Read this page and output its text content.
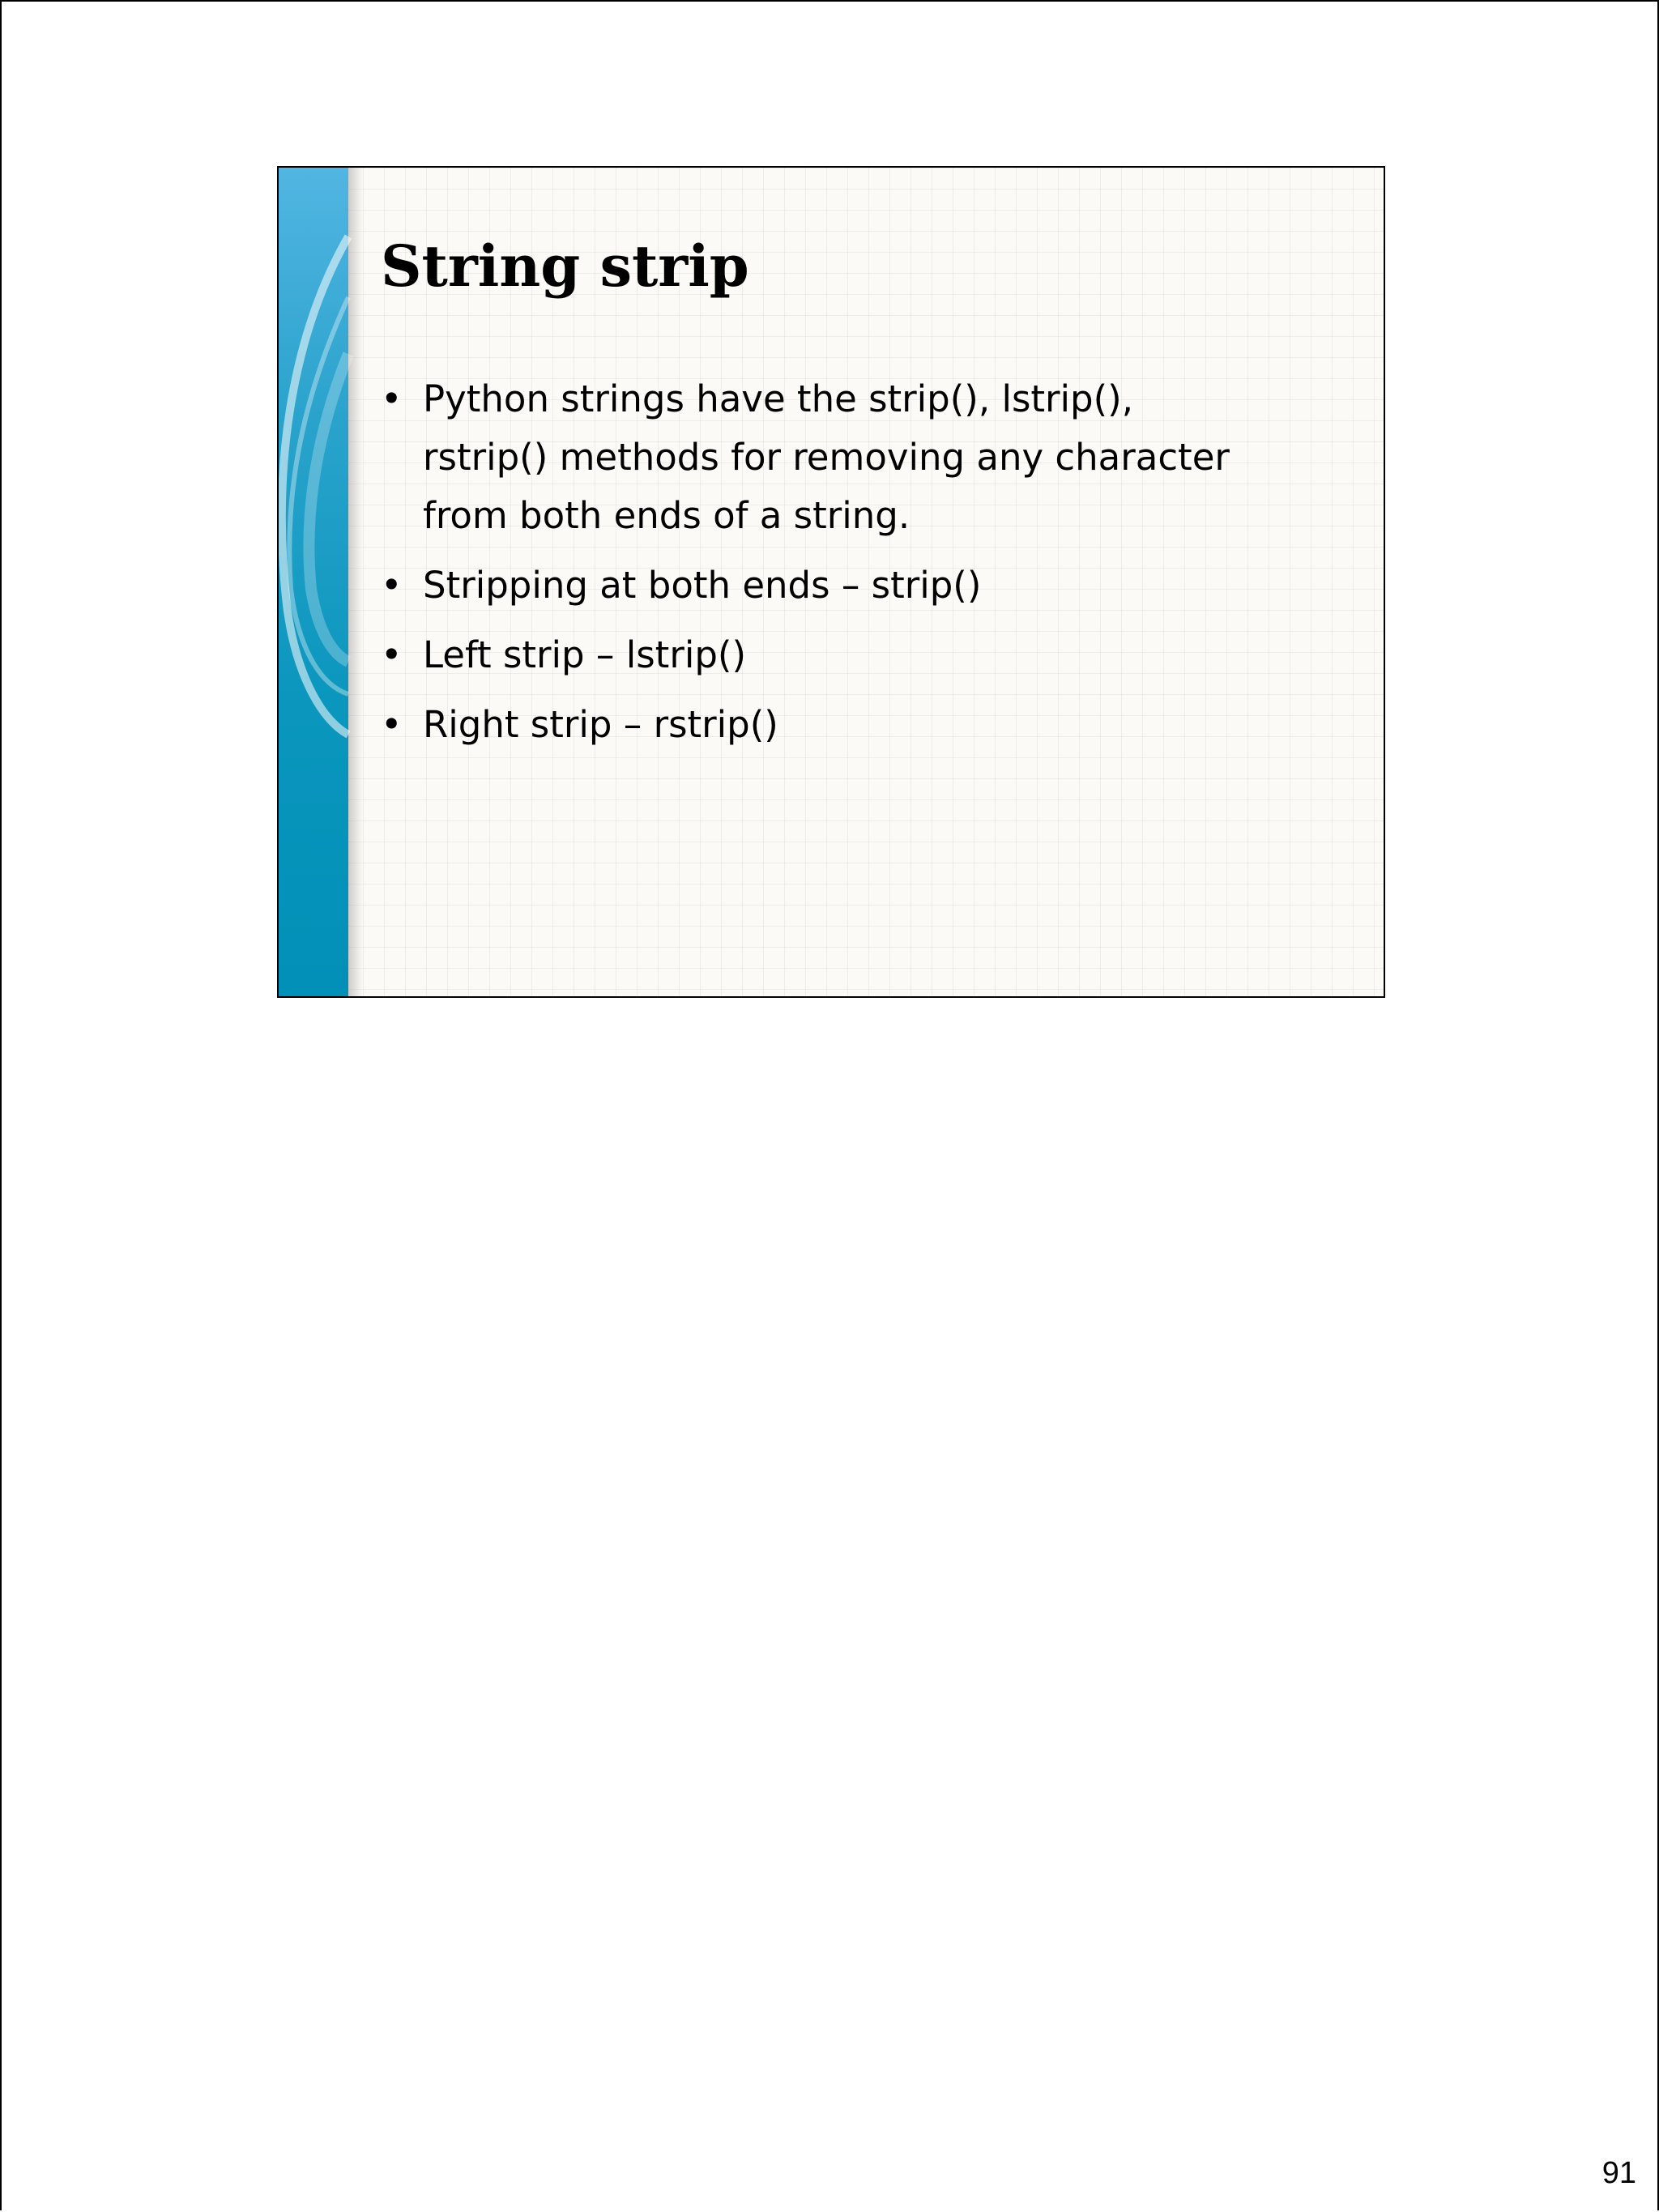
String strip
• Python strings have the strip(), lstrip(),
rstrip() methods for removing any character
from both ends of a string.
• Stripping at both ends – strip()
• Left strip – lstrip()
• Right strip – rstrip()
91
